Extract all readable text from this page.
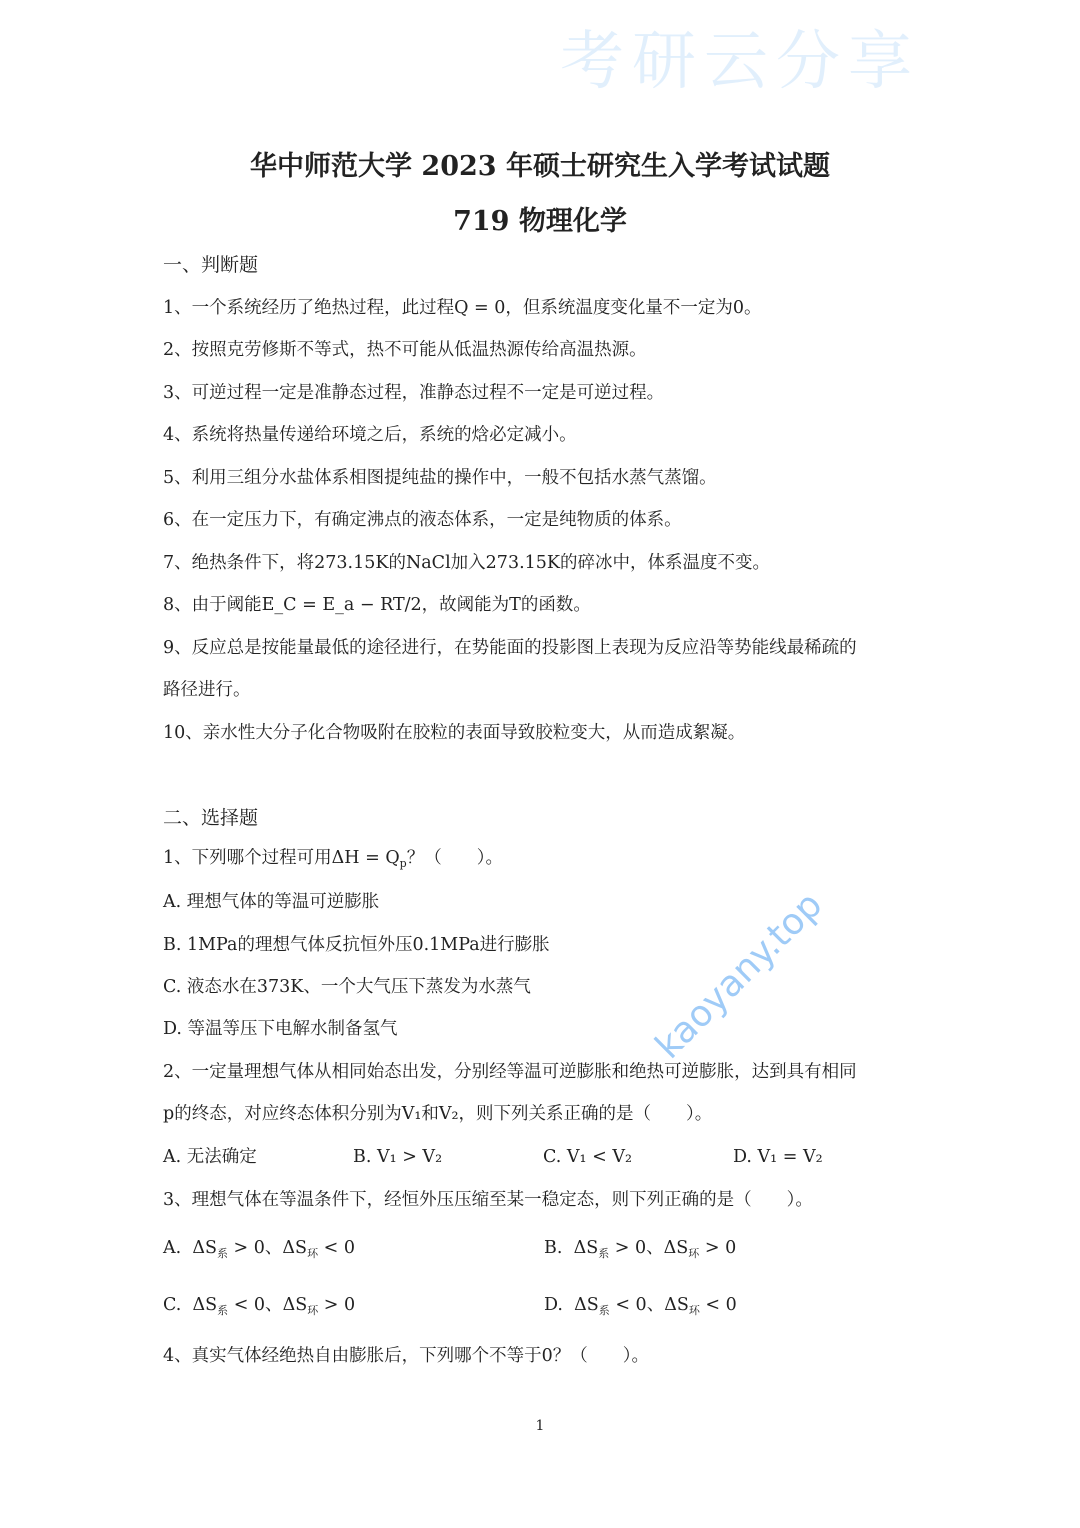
考研云分享
kaoyany.top
华中师范大学 2023 年硕士研究生入学考试试题
719 物理化学
一、判断题
1、一个系统经历了绝热过程，此过程Q = 0，但系统温度变化量不一定为0。
2、按照克劳修斯不等式，热不可能从低温热源传给高温热源。
3、可逆过程一定是准静态过程，准静态过程不一定是可逆过程。
4、系统将热量传递给环境之后，系统的焓必定减小。
5、利用三组分水盐体系相图提纯盐的操作中，一般不包括水蒸气蒸馏。
6、在一定压力下，有确定沸点的液态体系，一定是纯物质的体系。
7、绝热条件下，将273.15K的NaCl加入273.15K的碎冰中，体系温度不变。
8、由于阈能E_C = E_a − RT/2，故阈能为T的函数。
9、反应总是按能量最低的途径进行，在势能面的投影图上表现为反应沿等势能线最稀疏的
路径进行。
10、亲水性大分子化合物吸附在胶粒的表面导致胶粒变大，从而造成絮凝。
二、选择题
1、下列哪个过程可用$\Delta H = Q_p$？（　　）。
A. 理想气体的等温可逆膨胀
B. 1MPa的理想气体反抗恒外压0.1MPa进行膨胀
C. 液态水在373K、一个大气压下蒸发为水蒸气
D. 等温等压下电解水制备氢气
2、一定量理想气体从相同始态出发，分别经等温可逆膨胀和绝热可逆膨胀，达到具有相同
p的终态，对应终态体积分别为V₁和V₂，则下列关系正确的是（　　）。
A. 无法确定	B. V₁ > V₂	C. V₁ < V₂	D. V₁ = V₂
3、理想气体在等温条件下，经恒外压压缩至某一稳定态，则下列正确的是（　　）。
A.  $\Delta S_系 > 0$、$\Delta S_环 < 0$	B.  $\Delta S_系 > 0$、$\Delta S_环 > 0$
C.  $\Delta S_系 < 0$、$\Delta S_环 > 0$	D.  $\Delta S_系 < 0$、$\Delta S_环 < 0$
4、真实气体经绝热自由膨胀后，下列哪个不等于0？（　　）。
1
